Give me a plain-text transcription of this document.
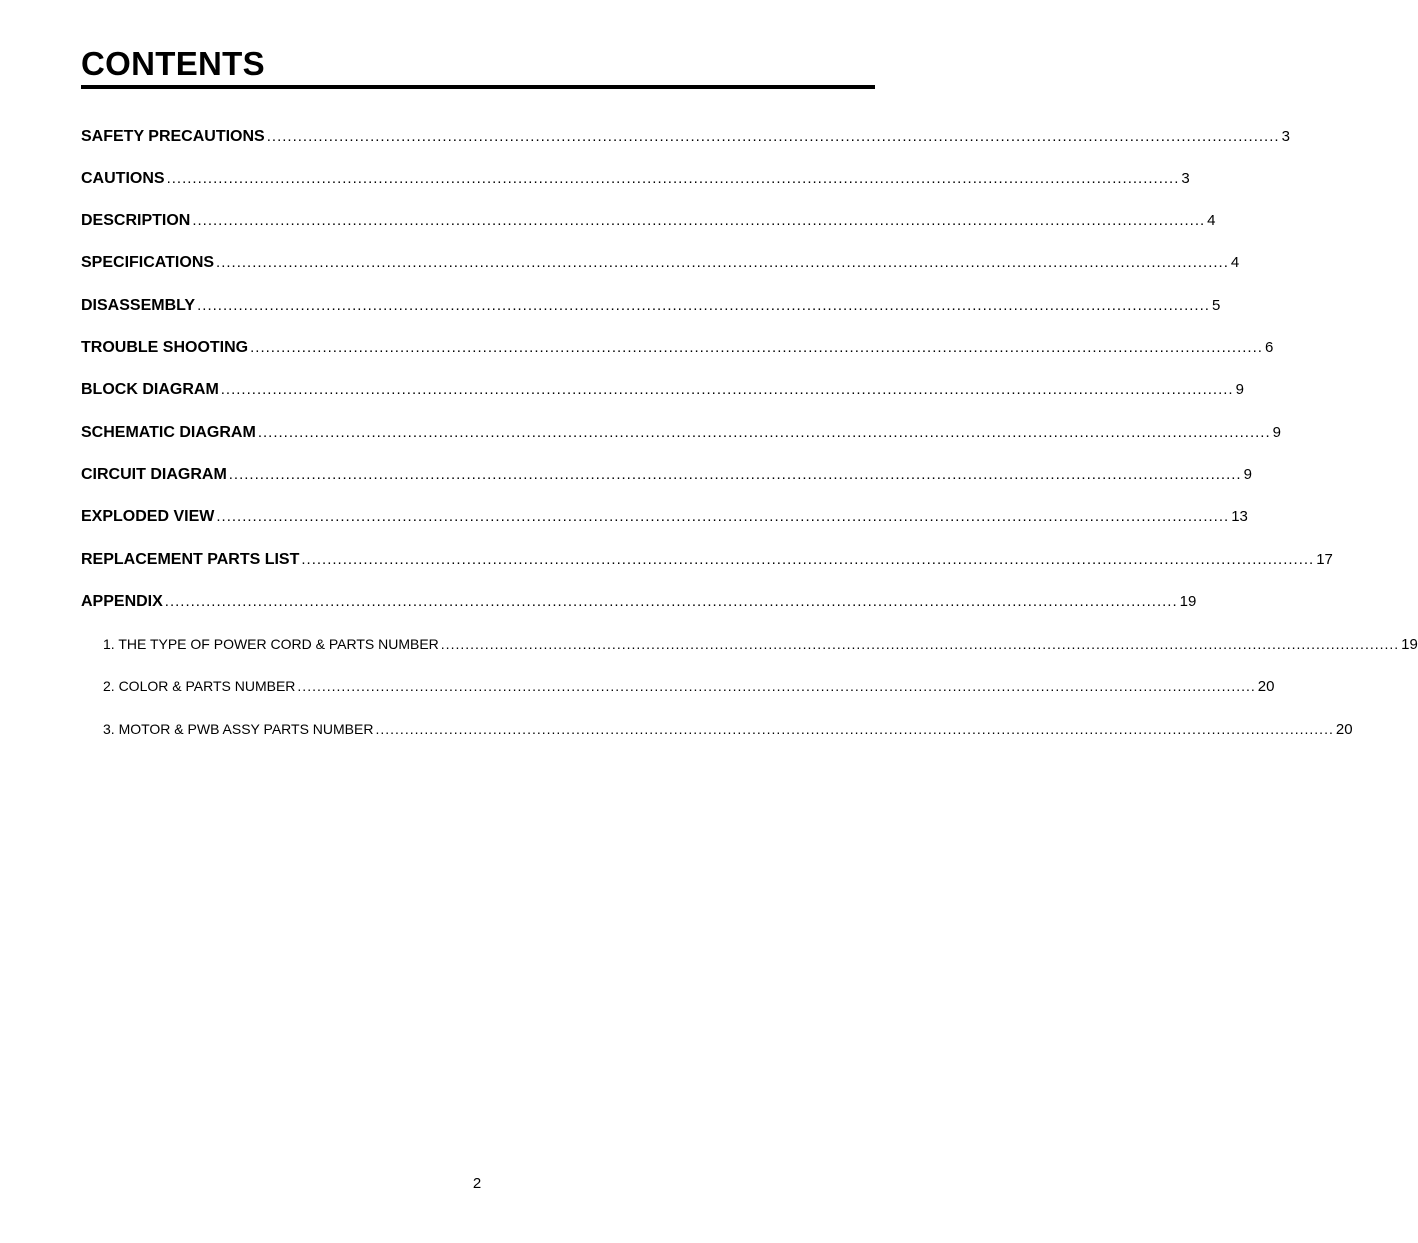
CONTENTS
SAFETY PRECAUTIONS .................................................................................................................................................................................................... 3
CAUTIONS .................................................................................................................................................................................................... 3
DESCRIPTION .................................................................................................................................................................................................... 4
SPECIFICATIONS .................................................................................................................................................................................................... 4
DISASSEMBLY .................................................................................................................................................................................................... 5
TROUBLE SHOOTING .................................................................................................................................................................................................... 6
BLOCK DIAGRAM .................................................................................................................................................................................................... 9
SCHEMATIC DIAGRAM .................................................................................................................................................................................................... 9
CIRCUIT DIAGRAM .................................................................................................................................................................................................... 9
EXPLODED VIEW .................................................................................................................................................................................................... 13
REPLACEMENT PARTS LIST .................................................................................................................................................................................................... 17
APPENDIX .................................................................................................................................................................................................... 19
1. THE TYPE OF POWER CORD & PARTS NUMBER .................................................................................................................................................................................................... 19
2. COLOR & PARTS NUMBER .................................................................................................................................................................................................... 20
3. MOTOR & PWB ASSY PARTS NUMBER .................................................................................................................................................................................................... 20
2
